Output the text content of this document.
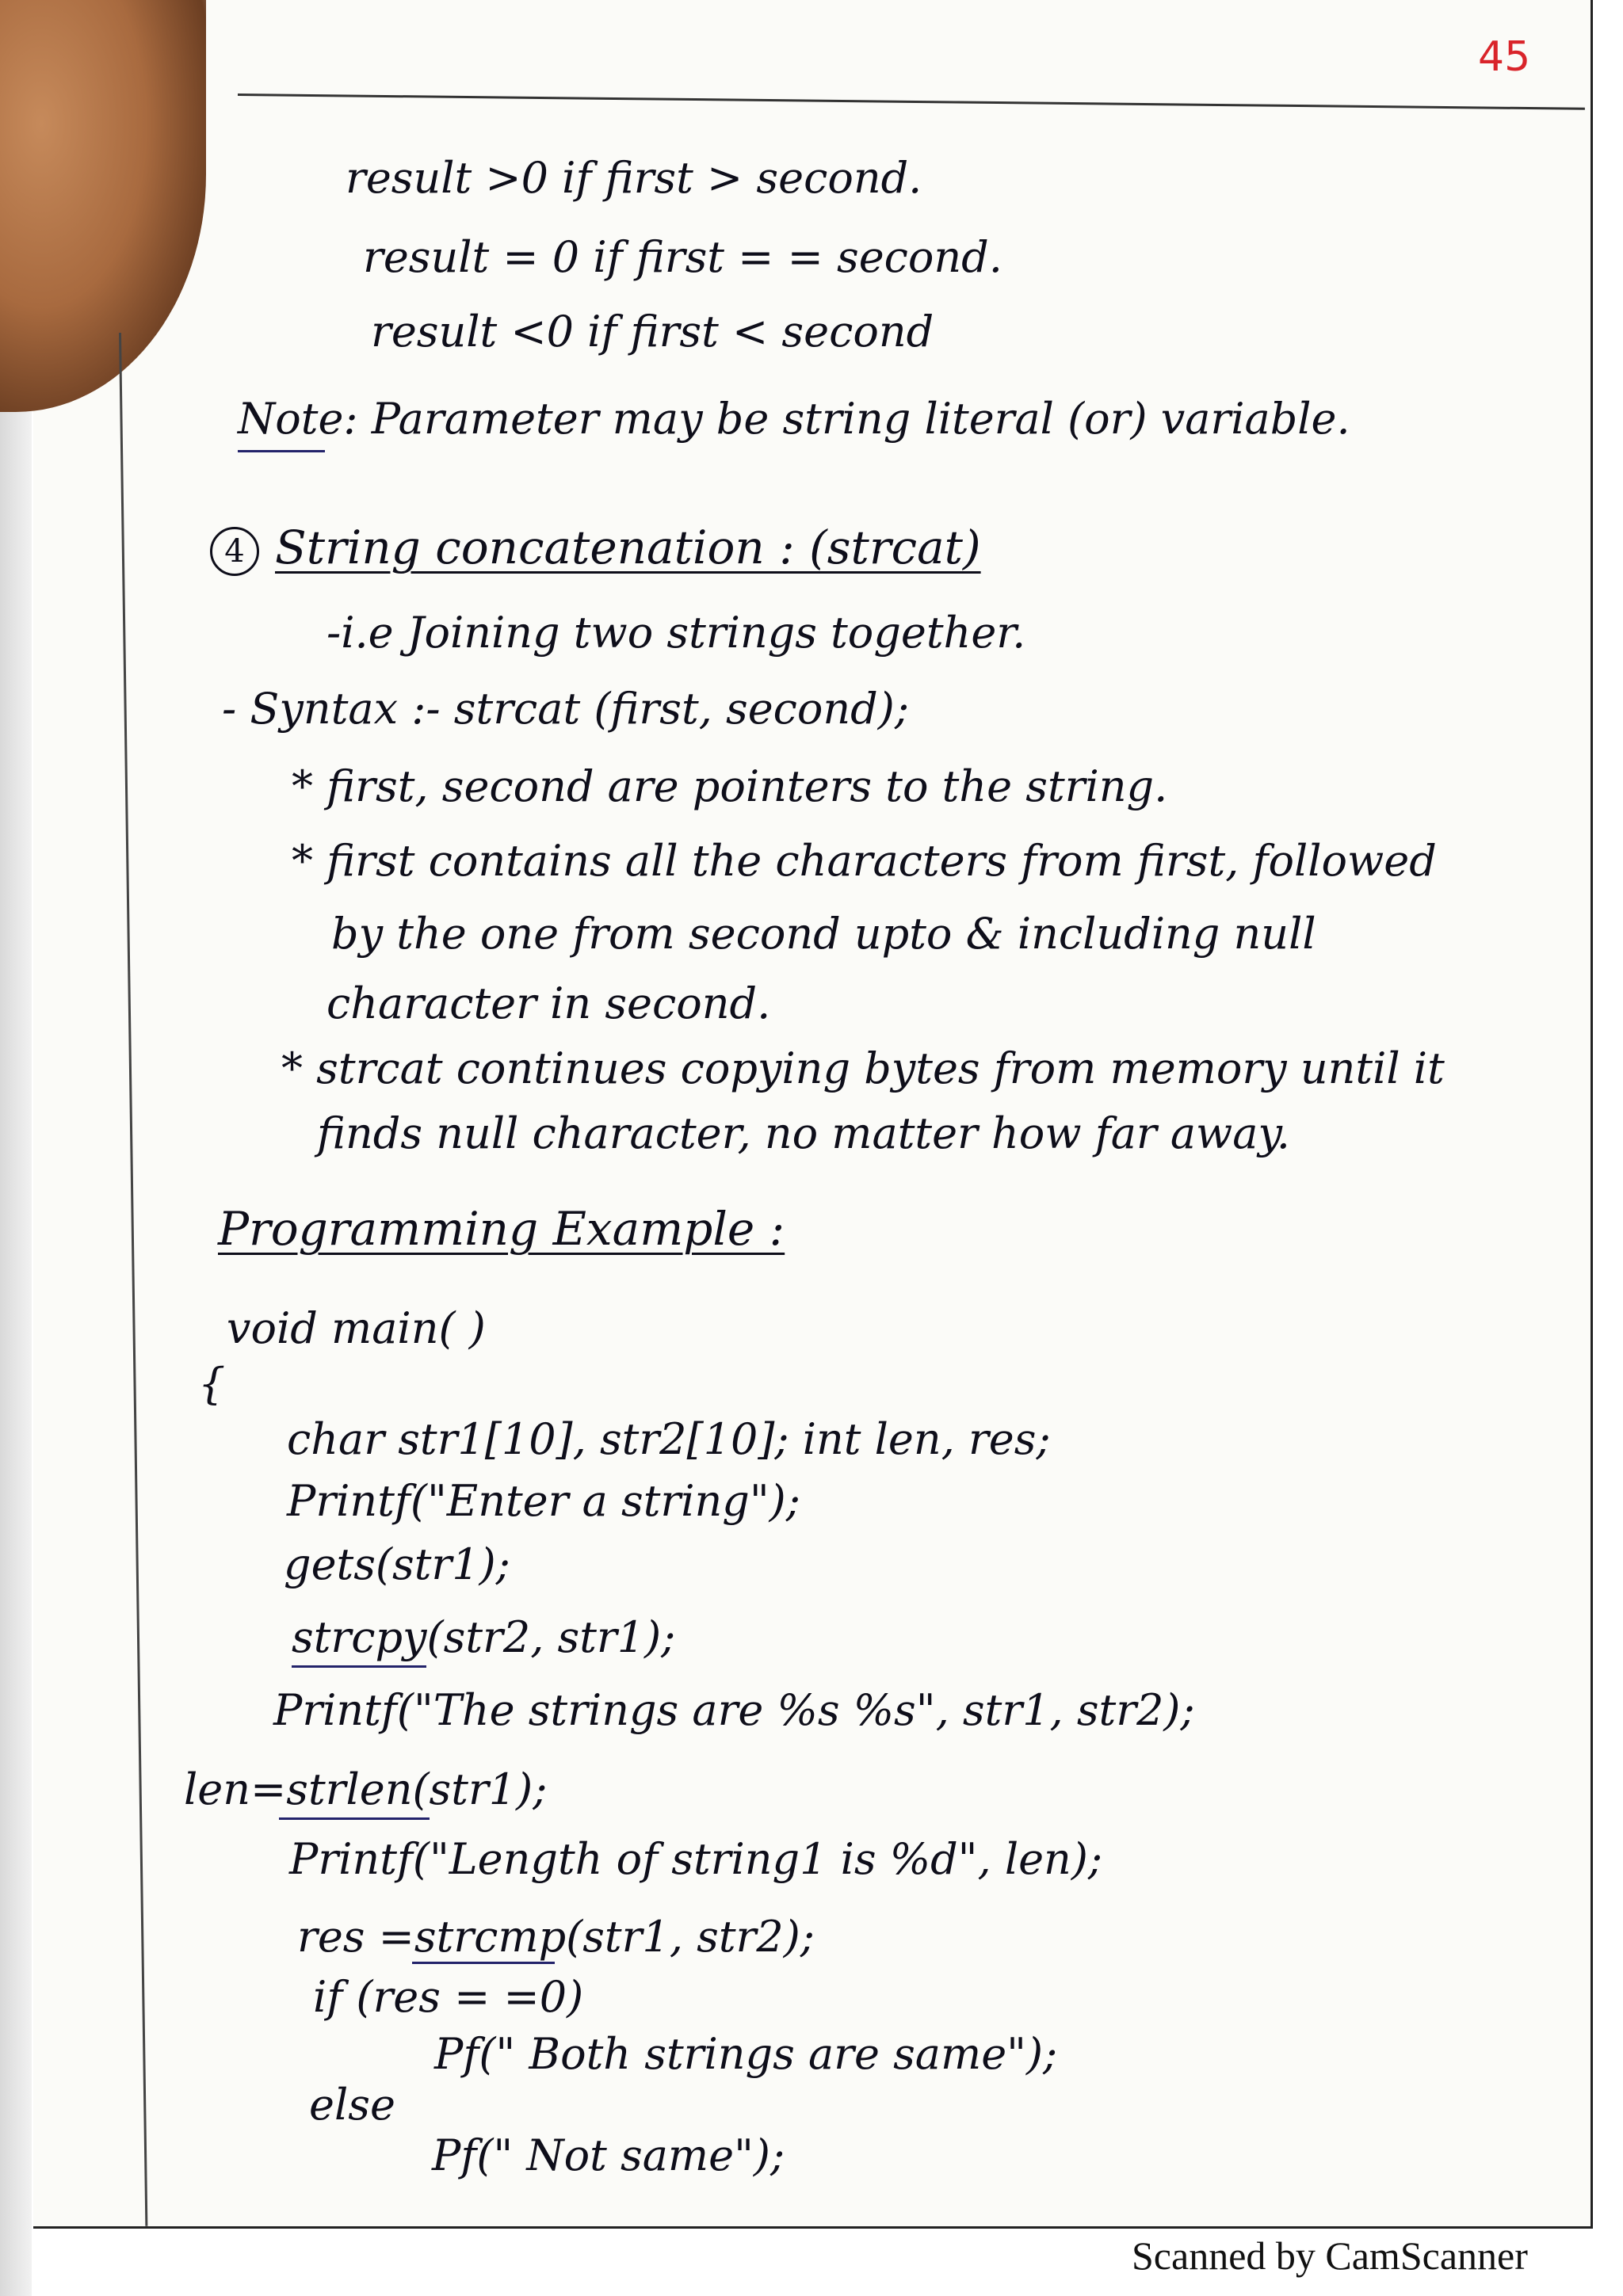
45
result >0 if first > second.
result = 0 if first = = second.
result <0 if first < second
Note: Parameter may be string literal (or) variable.
4 String concatenation : (strcat)
-i.e Joining two strings together.
- Syntax :- strcat (first, second);
* first, second are pointers to the string.
* first contains all the characters from first, followed
by the one from second upto & including null
character in second.
* strcat continues copying bytes from memory until it
finds null character, no matter how far away.
Programming Example :
void main( )
{
char str1[10], str2[10]; int len, res;
Printf("Enter a string");
gets(str1);
strcpy(str2, str1);
Printf("The strings are %s %s", str1, str2);
len=strlen(str1);
Printf("Length of string1 is %d", len);
res =strcmp(str1, str2);
if (res = =0)
Pf(" Both strings are same");
else
Pf(" Not same");
Scanned by CamScanner
